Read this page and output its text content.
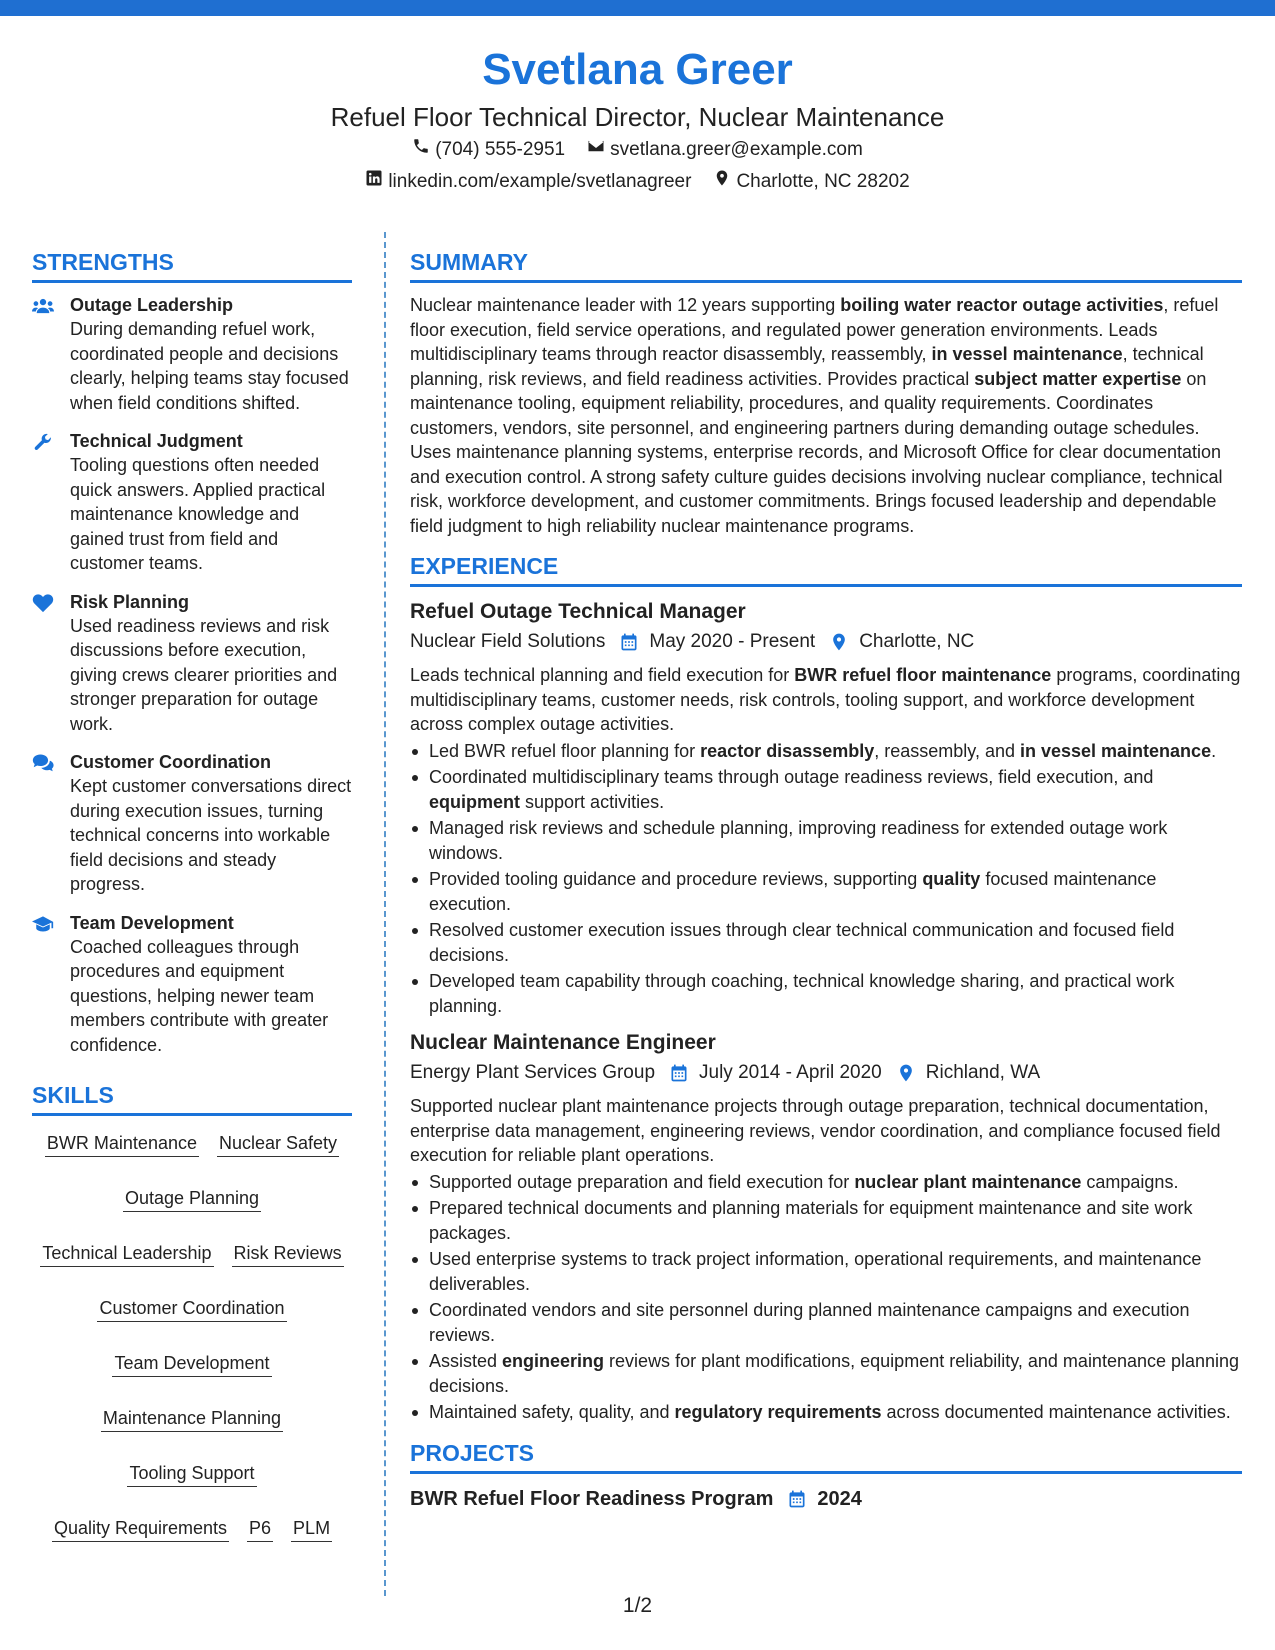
Svetlana Greer
Refuel Floor Technical Director, Nuclear Maintenance
(704) 555-2951 svetlana.greer@example.com
linkedin.com/example/svetlanagreer Charlotte, NC 28202
STRENGTHS
Outage Leadership
During demanding refuel work, coordinated people and decisions clearly, helping teams stay focused when field conditions shifted.
Technical Judgment
Tooling questions often needed quick answers. Applied practical maintenance knowledge and gained trust from field and customer teams.
Risk Planning
Used readiness reviews and risk discussions before execution, giving crews clearer priorities and stronger preparation for outage work.
Customer Coordination
Kept customer conversations direct during execution issues, turning technical concerns into workable field decisions and steady progress.
Team Development
Coached colleagues through procedures and equipment questions, helping newer team members contribute with greater confidence.
SKILLS
BWR Maintenance Nuclear Safety
Outage Planning
Technical Leadership Risk Reviews
Customer Coordination
Team Development
Maintenance Planning
Tooling Support
Quality Requirements P6 PLM
SUMMARY
Nuclear maintenance leader with 12 years supporting boiling water reactor outage activities, refuel floor execution, field service operations, and regulated power generation environments. Leads multidisciplinary teams through reactor disassembly, reassembly, in vessel maintenance, technical planning, risk reviews, and field readiness activities. Provides practical subject matter expertise on maintenance tooling, equipment reliability, procedures, and quality requirements. Coordinates customers, vendors, site personnel, and engineering partners during demanding outage schedules. Uses maintenance planning systems, enterprise records, and Microsoft Office for clear documentation and execution control. A strong safety culture guides decisions involving nuclear compliance, technical risk, workforce development, and customer commitments. Brings focused leadership and dependable field judgment to high reliability nuclear maintenance programs.
EXPERIENCE
Refuel Outage Technical Manager
Nuclear Field Solutions May 2020 - Present Charlotte, NC
Leads technical planning and field execution for BWR refuel floor maintenance programs, coordinating multidisciplinary teams, customer needs, risk controls, tooling support, and workforce development across complex outage activities.
Led BWR refuel floor planning for reactor disassembly, reassembly, and in vessel maintenance.
Coordinated multidisciplinary teams through outage readiness reviews, field execution, and equipment support activities.
Managed risk reviews and schedule planning, improving readiness for extended outage work windows.
Provided tooling guidance and procedure reviews, supporting quality focused maintenance execution.
Resolved customer execution issues through clear technical communication and focused field decisions.
Developed team capability through coaching, technical knowledge sharing, and practical work planning.
Nuclear Maintenance Engineer
Energy Plant Services Group July 2014 - April 2020 Richland, WA
Supported nuclear plant maintenance projects through outage preparation, technical documentation, enterprise data management, engineering reviews, vendor coordination, and compliance focused field execution for reliable plant operations.
Supported outage preparation and field execution for nuclear plant maintenance campaigns.
Prepared technical documents and planning materials for equipment maintenance and site work packages.
Used enterprise systems to track project information, operational requirements, and maintenance deliverables.
Coordinated vendors and site personnel during planned maintenance campaigns and execution reviews.
Assisted engineering reviews for plant modifications, equipment reliability, and maintenance planning decisions.
Maintained safety, quality, and regulatory requirements across documented maintenance activities.
PROJECTS
BWR Refuel Floor Readiness Program 2024
1/2
